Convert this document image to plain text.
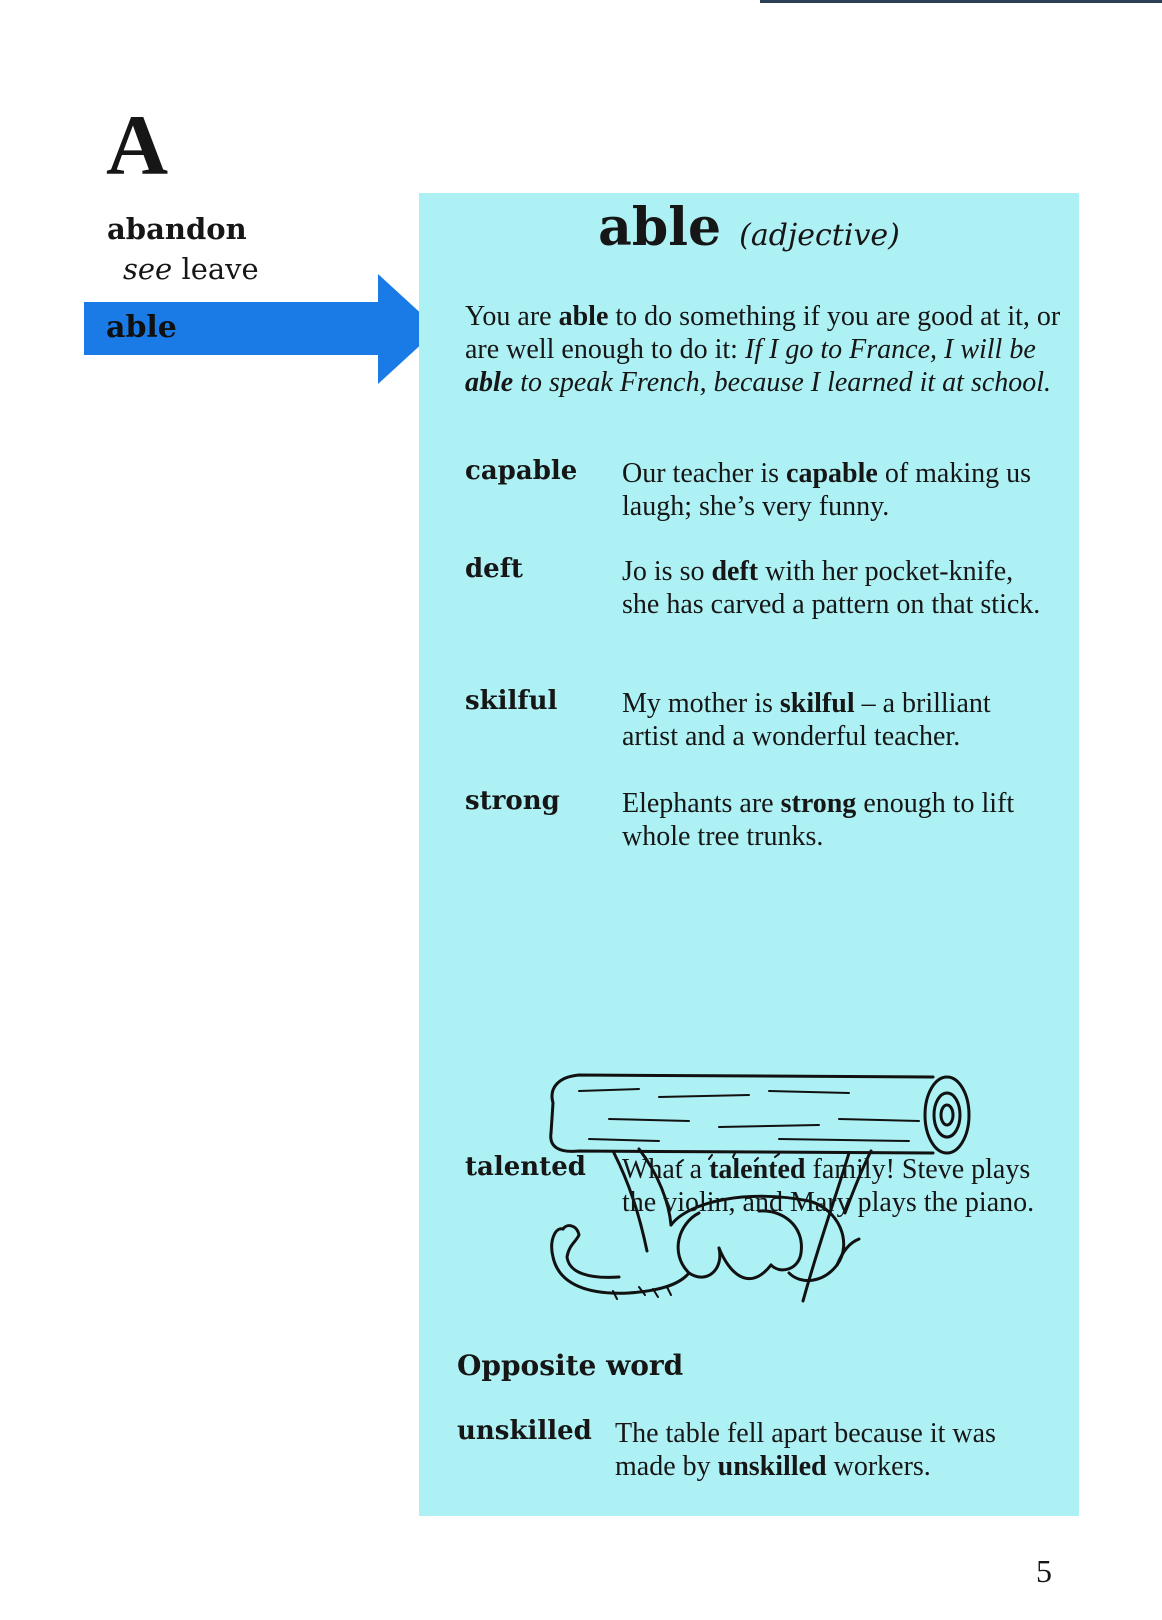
A
abandon
see leave
able
able (adjective)
You are able to do something if you are good at it, or are well enough to do it: If I go to France, I will be able to speak French, because I learned it at school.
capable	Our teacher is capable of making us laugh; she’s very funny.
deft	Jo is so deft with her pocket-knife, she has carved a pattern on that stick.
skilful	My mother is skilful – a brilliant artist and a wonderful teacher.
strong	Elephants are strong enough to lift whole tree trunks.
talented	What a talented family! Steve plays the violin, and Mary plays the piano.
Opposite word
unskilled The table fell apart because it was made by unskilled workers.
5
